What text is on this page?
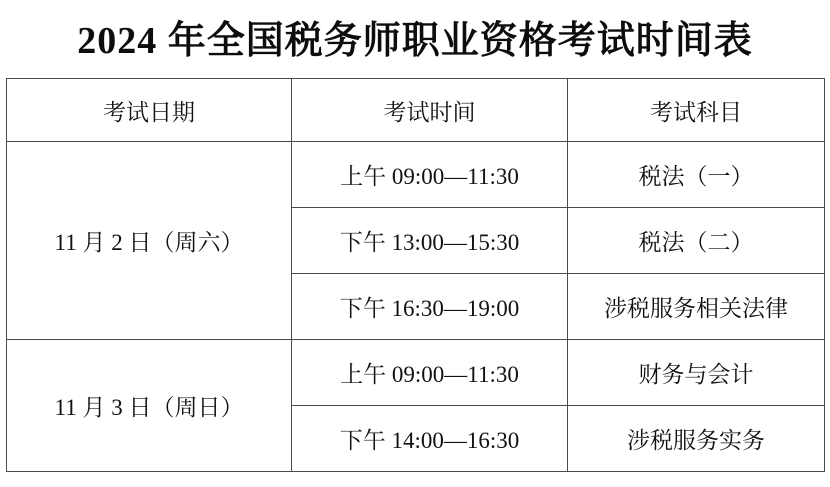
2024 年全国税务师职业资格考试时间表
考试日期	考试时间	考试科目
11 月 2 日（周六）	上午 09:00—11:30	税法（一）
	下午 13:00—15:30	税法（二）
	下午 16:30—19:00	涉税服务相关法律
11 月 3 日（周日）	上午 09:00—11:30	财务与会计
	下午 14:00—16:30	涉税服务实务
